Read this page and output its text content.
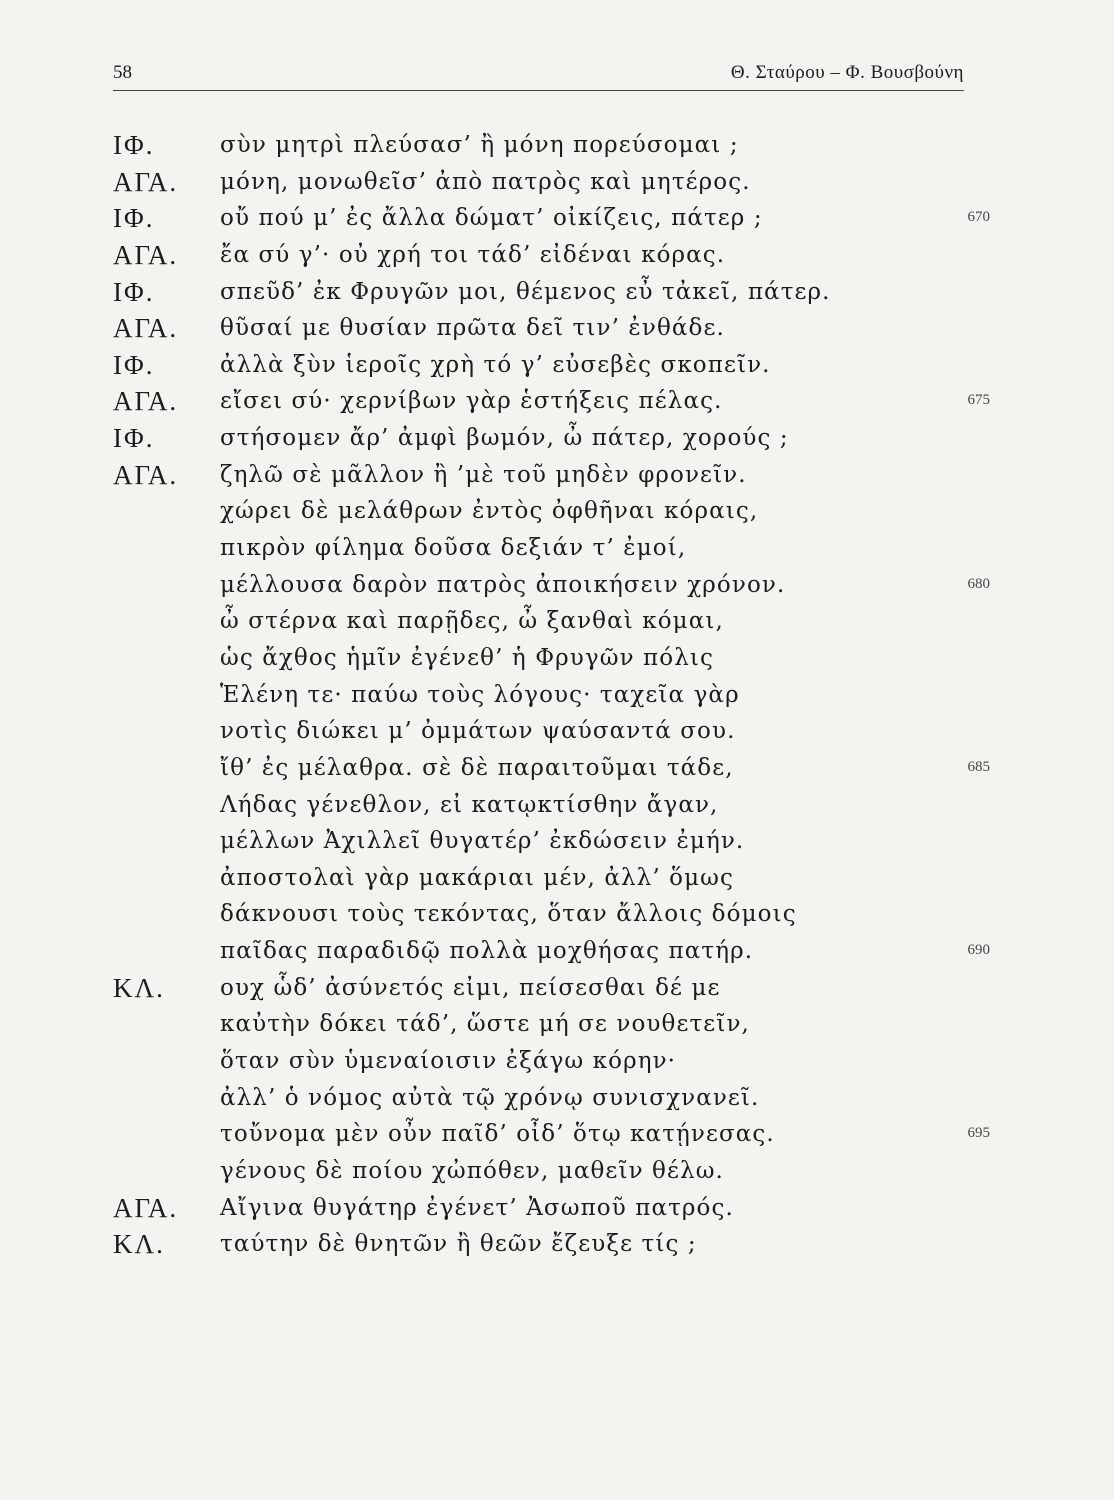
58	Θ. Σταύρου – Φ. Βουσβούνη
ΙΦ.	σὺν μητρὶ πλεύσασ’ ἢ μόνη πορεύσομαι ;
ΑΓΑ. μόνη, μονωθεῖσ’ ἀπὸ πατρὸς καὶ μητέρος.
ΙΦ.	οὔ πού μ’ ἐς ἄλλα δώματ’ οἰκίζεις, πάτερ ;	670
ΑΓΑ. ἔα σύ γ’· οὐ χρή τοι τάδ’ εἰδέναι κόρας.
ΙΦ.	σπεῦδ’ ἐκ Φρυγῶν μοι, θέμενος εὖ τἀκεῖ, πάτερ.
ΑΓΑ. θῦσαί με θυσίαν πρῶτα δεῖ τιν’ ἐνθάδε.
ΙΦ.	ἀλλὰ ξὺν ἱεροῖς χρὴ τό γ’ εὐσεβὲς σκοπεῖν.
ΑΓΑ. εἴσει σύ· χερνίβων γὰρ ἑστήξεις πέλας.	675
ΙΦ.	στήσομεν ἄρ’ ἀμφὶ βωμόν, ὦ πάτερ, χορούς ;
ΑΓΑ. ζηλῶ σὲ μᾶλλον ἢ ’μὲ τοῦ μηδὲν φρονεῖν.
χώρει δὲ μελάθρων ἐντὸς ὀφθῆναι κόραις,
πικρὸν φίλημα δοῦσα δεξιάν τ’ ἐμοί,
μέλλουσα δαρὸν πατρὸς ἀποικήσειν χρόνον.	680
ὦ στέρνα καὶ παρῇδες, ὦ ξανθαὶ κόμαι,
ὡς ἄχθος ἡμῖν ἐγένεθ’ ἡ Φρυγῶν πόλις
Ἑλένη τε· παύω τοὺς λόγους· ταχεῖα γὰρ
νοτὶς διώκει μ’ ὀμμάτων ψαύσαντά σου.
ἴθ’ ἐς μέλαθρα. σὲ δὲ παραιτοῦμαι τάδε,	685
Λήδας γένεθλον, εἰ κατῳκτίσθην ἄγαν,
μέλλων Ἀχιλλεῖ θυγατέρ’ ἐκδώσειν ἐμήν.
ἀποστολαὶ γὰρ μακάριαι μέν, ἀλλ’ ὅμως
δάκνουσι τοὺς τεκόντας, ὅταν ἄλλοις δόμοις
παῖδας παραδιδῷ πολλὰ μοχθήσας πατήρ.	690
ΚΛ. ουχ ὧδ’ ἀσύνετός εἰμι, πείσεσθαι δέ με
καὐτὴν δόκει τάδ’, ὥστε μή σε νουθετεῖν,
ὅταν σὺν ὑμεναίοισιν ἐξάγω κόρην·
ἀλλ’ ὁ νόμος αὐτὰ τῷ χρόνῳ συνισχνανεῖ.
τοὔνομα μὲν οὖν παῖδ’ οἶδ’ ὅτῳ κατῄνεσας.	695
γένους δὲ ποίου χὠπόθεν, μαθεῖν θέλω.
ΑΓΑ. Αἴγινα θυγάτηρ ἐγένετ’ Ἀσωποῦ πατρός.
ΚΛ. ταύτην δὲ θνητῶν ἢ θεῶν ἔζευξε τίς ;
